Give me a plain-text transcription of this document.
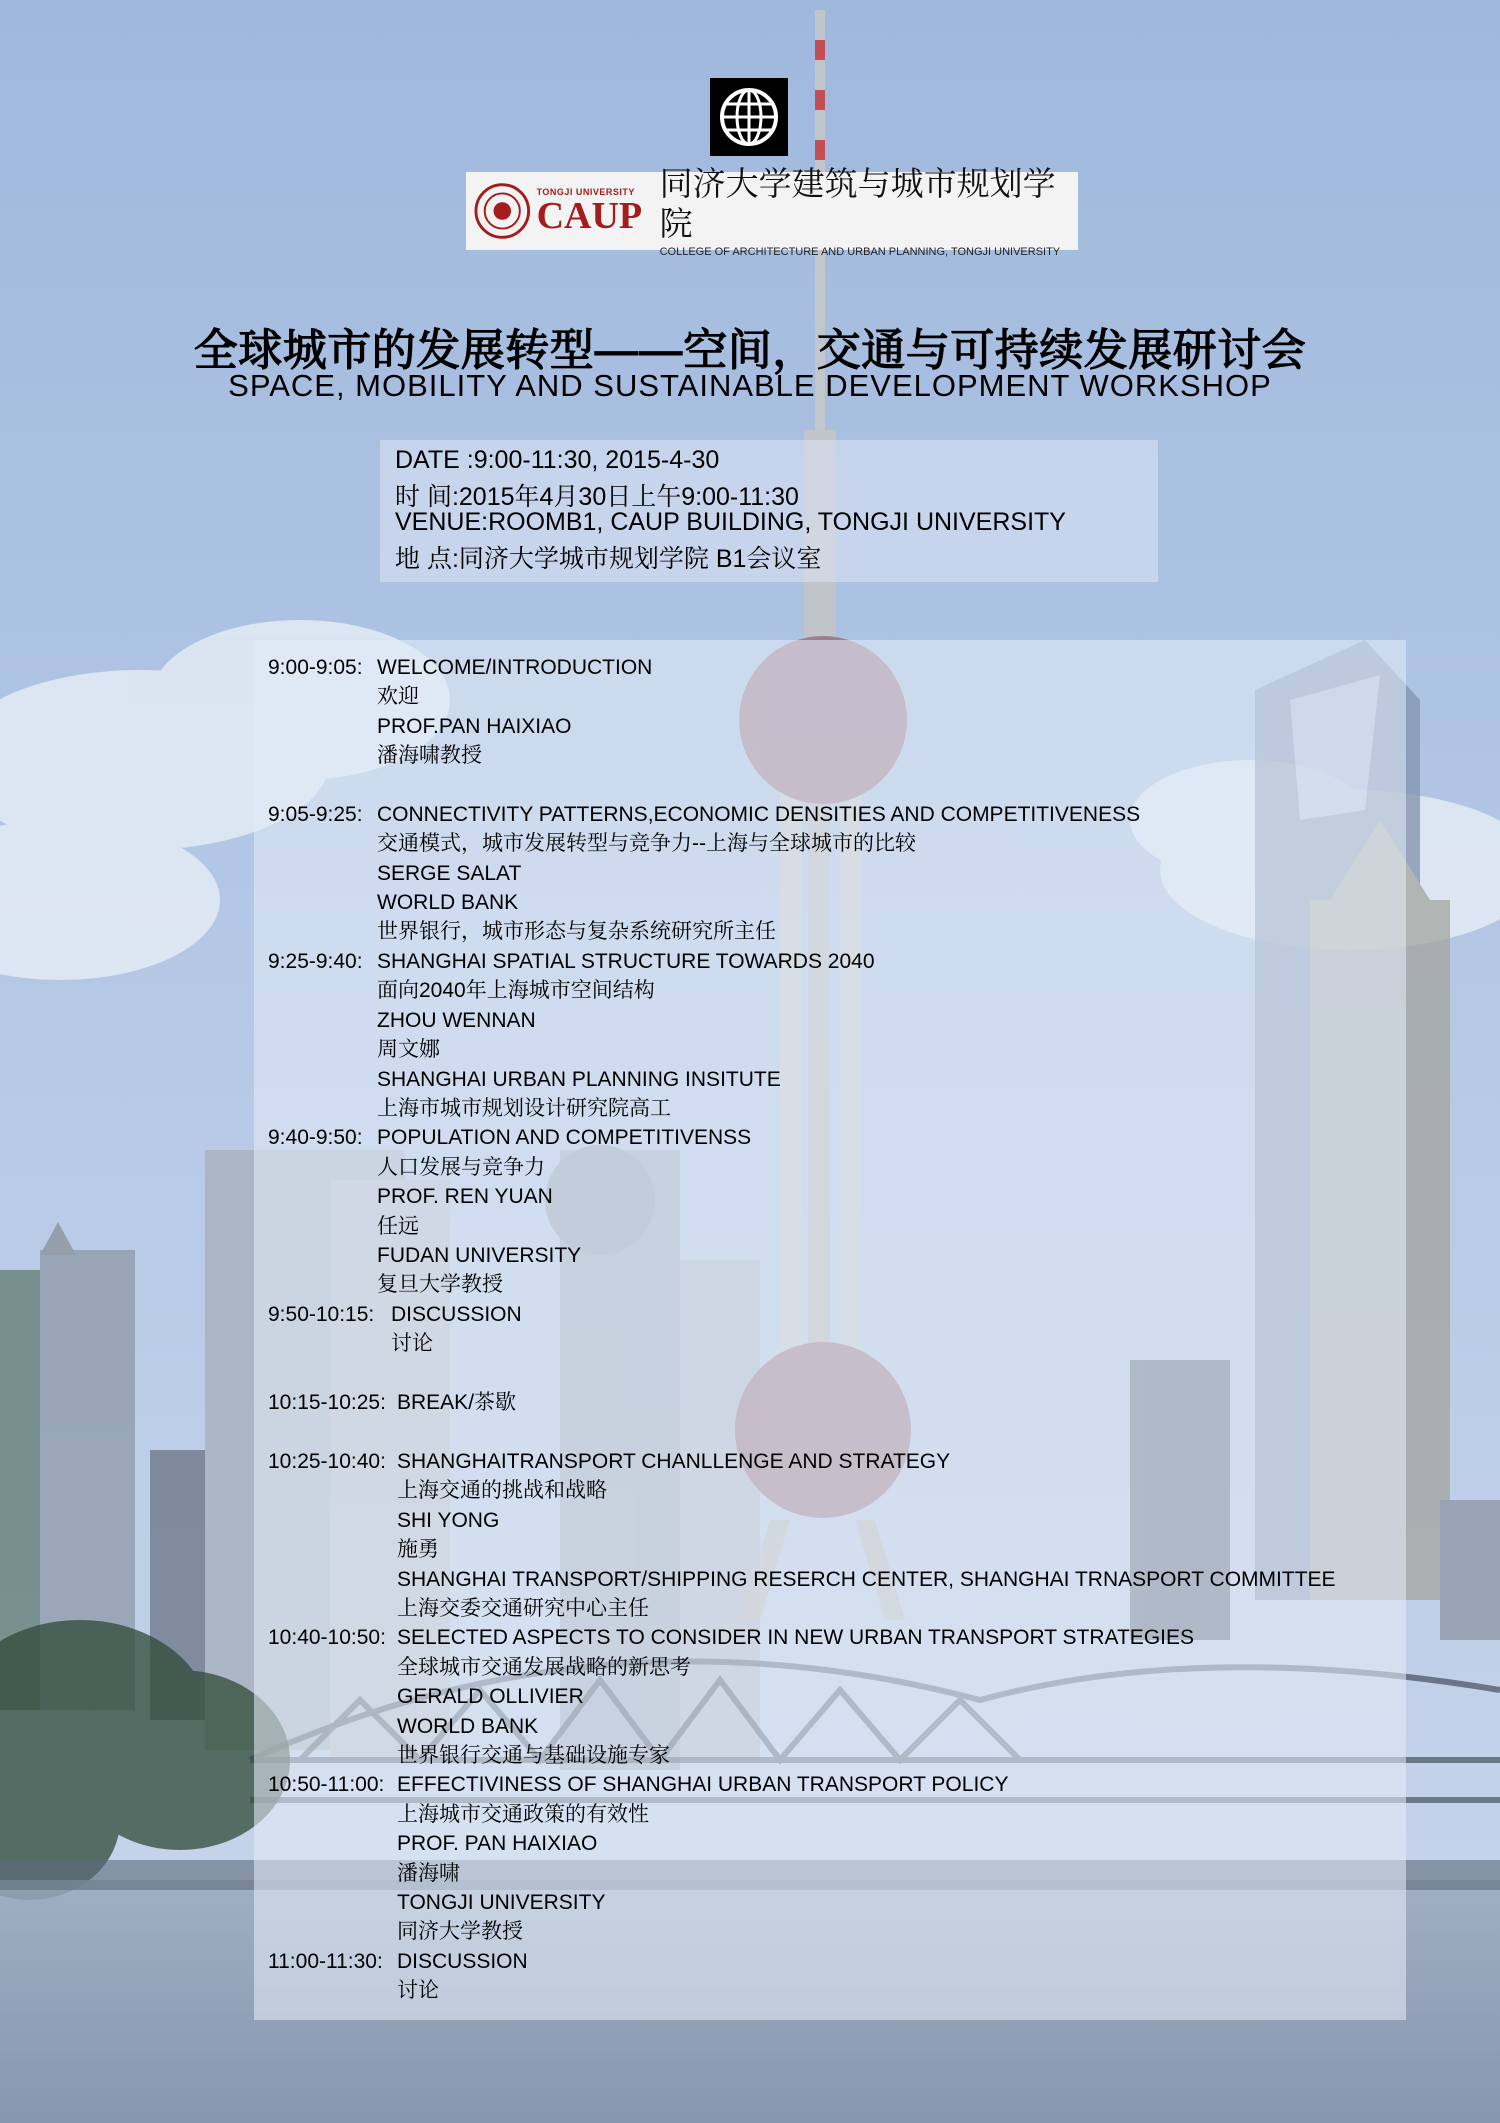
TONGJI UNIVERSITY
CAUP
同济大学建筑与城市规划学院
COLLEGE OF ARCHITECTURE AND URBAN PLANNING, TONGJI UNIVERSITY
全球城市的发展转型——空间，交通与可持续发展研讨会
SPACE, MOBILITY AND SUSTAINABLE DEVELOPMENT WORKSHOP
DATE :9:00-11:30, 2015-4-30
时 间:2015年4月30日上午9:00-11:30
VENUE:ROOMB1, CAUP BUILDING, TONGJI UNIVERSITY
地 点:同济大学城市规划学院 B1会议室
9:00-9:05: WELCOME/INTRODUCTION
欢迎
PROF.PAN HAIXIAO
潘海啸教授
9:05-9:25: CONNECTIVITY PATTERNS,ECONOMIC DENSITIES AND COMPETITIVENESS
交通模式，城市发展转型与竞争力--上海与全球城市的比较
SERGE SALAT
WORLD BANK
世界银行，城市形态与复杂系统研究所主任
9:25-9:40: SHANGHAI SPATIAL STRUCTURE TOWARDS 2040
面向2040年上海城市空间结构
ZHOU WENNAN
周文娜
SHANGHAI URBAN PLANNING INSITUTE
上海市城市规划设计研究院高工
9:40-9:50: POPULATION AND COMPETITIVENSS
人口发展与竞争力
PROF. REN YUAN
任远
FUDAN UNIVERSITY
复旦大学教授
9:50-10:15: DISCUSSION
讨论
10:15-10:25: BREAK/茶歇
10:25-10:40: SHANGHAITRANSPORT CHANLLENGE AND STRATEGY
上海交通的挑战和战略
SHI YONG
施勇
SHANGHAI TRANSPORT/SHIPPING RESERCH CENTER, SHANGHAI TRNASPORT COMMITTEE
上海交委交通研究中心主任
10:40-10:50: SELECTED ASPECTS TO CONSIDER IN NEW URBAN TRANSPORT STRATEGIES
全球城市交通发展战略的新思考
GERALD OLLIVIER
WORLD BANK
世界银行交通与基础设施专家
10:50-11:00: EFFECTIVINESS OF SHANGHAI URBAN TRANSPORT POLICY
上海城市交通政策的有效性
PROF. PAN HAIXIAO
潘海啸
TONGJI UNIVERSITY
同济大学教授
11:00-11:30: DISCUSSION
讨论
